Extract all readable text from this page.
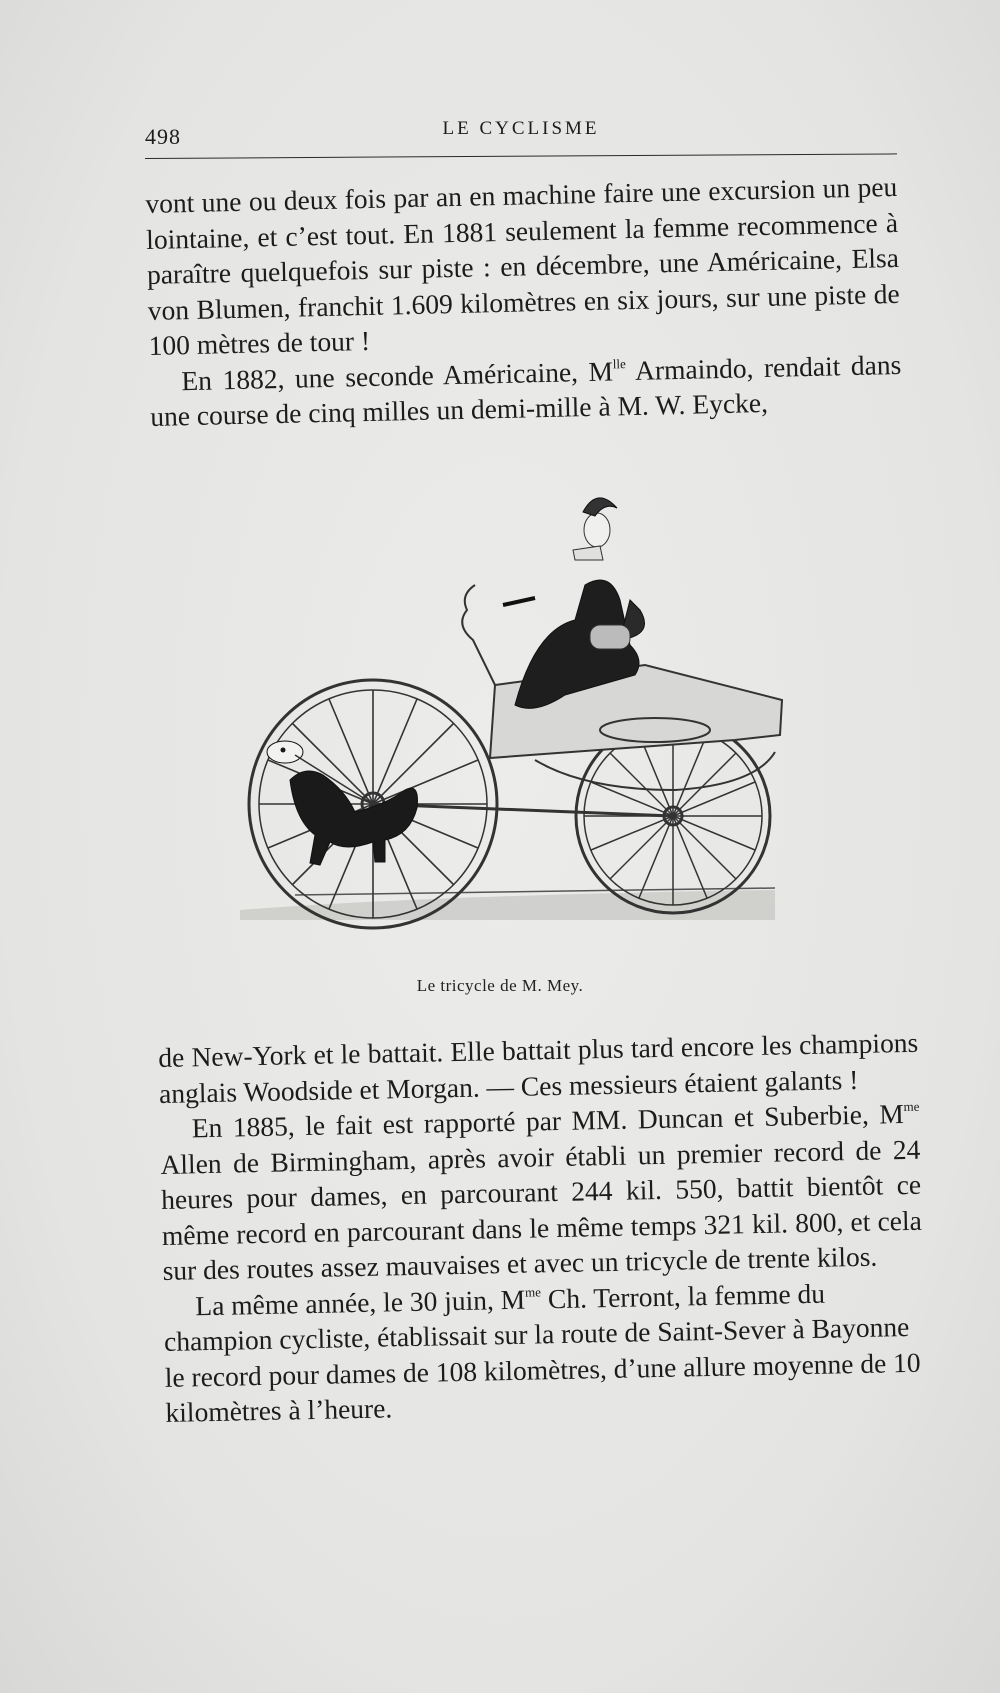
498	LE CYCLISME

vont une ou deux fois par an en machine faire une excursion un peu lointaine, et c’est tout. En 1881 seulement la femme recommence à paraître quelquefois sur piste : en décembre, une Américaine, Elsa von Blumen, franchit 1.609 kilomètres en six jours, sur une piste de 100 mètres de tour !

En 1882, une seconde Américaine, $M^{lle}$ Armaindo, rendait dans une course de cinq milles un demi-mille à M. W. Eycke,

Le tricycle de M. Mey.

de New-York et le battait. Elle battait plus tard encore les champions anglais Woodside et Morgan. — Ces messieurs étaient galants !

En 1885, le fait est rapporté par MM. Duncan et Suberbie, $M^{me}$ Allen de Birmingham, après avoir établi un premier record de 24 heures pour dames, en parcourant 244 kil. 550, battit bientôt ce même record en parcourant dans le même temps 321 kil. 800, et cela sur des routes assez mauvaises et avec un tricycle de trente kilos.

La même année, le 30 juin, $M^{me}$ Ch. Terront, la femme du champion cycliste, établissait sur la route de Saint-Sever à Bayonne le record pour dames de 108 kilomètres, d’une allure moyenne de 10 kilomètres à l’heure.
